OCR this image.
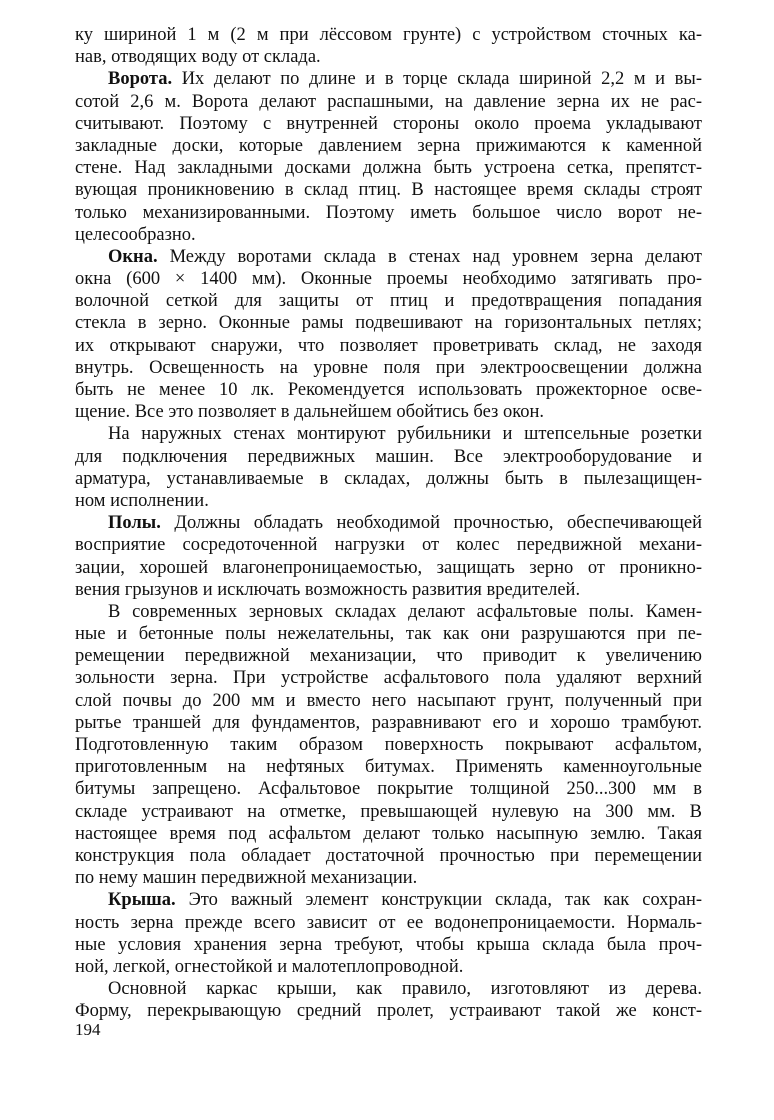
ку шириной 1 м (2 м при лёссовом грунте) с устройством сточных ка-
нав, отводящих воду от склада.
Ворота. Их делают по длине и в торце склада шириной 2,2 м и вы-
сотой 2,6 м. Ворота делают распашными, на давление зерна их не рас-
считывают. Поэтому с внутренней стороны около проема укладывают
закладные доски, которые давлением зерна прижимаются к каменной
стене. Над закладными досками должна быть устроена сетка, препятст-
вующая проникновению в склад птиц. В настоящее время склады строят
только механизированными. Поэтому иметь большое число ворот не-
целесообразно.
Окна. Между воротами склада в стенах над уровнем зерна делают
окна (600 × 1400 мм). Оконные проемы необходимо затягивать про-
волочной сеткой для защиты от птиц и предотвращения попадания
стекла в зерно. Оконные рамы подвешивают на горизонтальных петлях;
их открывают снаружи, что позволяет проветривать склад, не заходя
внутрь. Освещенность на уровне поля при электроосвещении должна
быть не менее 10 лк. Рекомендуется использовать прожекторное осве-
щение. Все это позволяет в дальнейшем обойтись без окон.
На наружных стенах монтируют рубильники и штепсельные розетки
для подключения передвижных машин. Все электрооборудование и
арматура, устанавливаемые в складах, должны быть в пылезащищен-
ном исполнении.
Полы. Должны обладать необходимой прочностью, обеспечивающей
восприятие сосредоточенной нагрузки от колес передвижной механи-
зации, хорошей влагонепроницаемостью, защищать зерно от проникно-
вения грызунов и исключать возможность развития вредителей.
В современных зерновых складах делают асфальтовые полы. Камен-
ные и бетонные полы нежелательны, так как они разрушаются при пе-
ремещении передвижной механизации, что приводит к увеличению
зольности зерна. При устройстве асфальтового пола удаляют верхний
слой почвы до 200 мм и вместо него насыпают грунт, полученный при
рытье траншей для фундаментов, разравнивают его и хорошо трамбуют.
Подготовленную таким образом поверхность покрывают асфальтом,
приготовленным на нефтяных битумах. Применять каменноугольные
битумы запрещено. Асфальтовое покрытие толщиной 250...300 мм в
складе устраивают на отметке, превышающей нулевую на 300 мм. В
настоящее время под асфальтом делают только насыпную землю. Такая
конструкция пола обладает достаточной прочностью при перемещении
по нему машин передвижной механизации.
Крыша. Это важный элемент конструкции склада, так как сохран-
ность зерна прежде всего зависит от ее водонепроницаемости. Нормаль-
ные условия хранения зерна требуют, чтобы крыша склада была проч-
ной, легкой, огнестойкой и малотеплопроводной.
Основной каркас крыши, как правило, изготовляют из дерева.
Форму, перекрывающую средний пролет, устраивают такой же конст-
194
